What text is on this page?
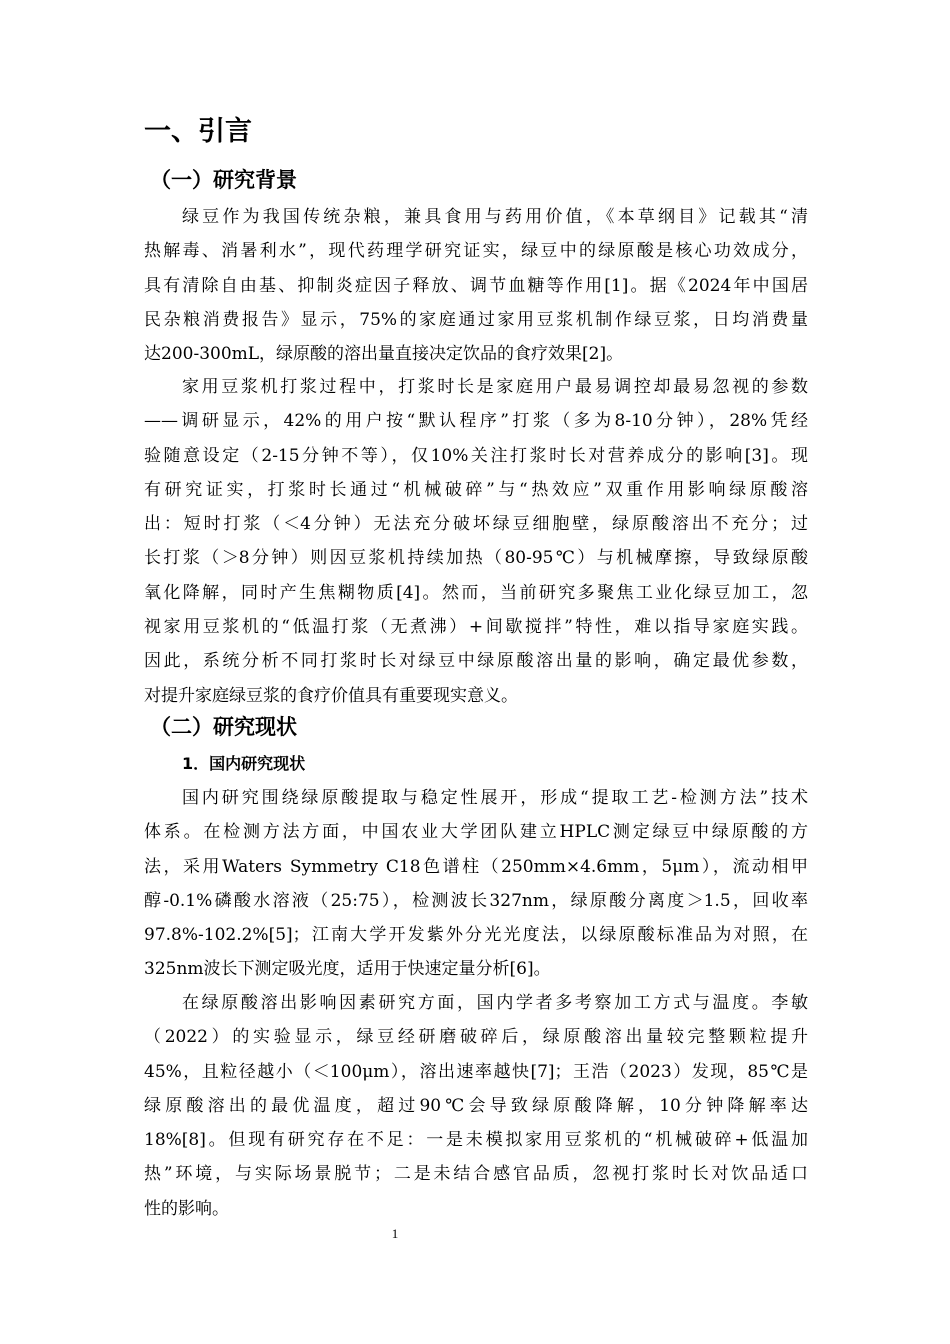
一、引言
（一）研究背景
绿豆作为我国传统杂粮，兼具食用与药用价值，《本草纲目》记载其“清
热解毒、消暑利水”，现代药理学研究证实，绿豆中的绿原酸是核心功效成分，
具有清除自由基、抑制炎症因子释放、调节血糖等作用[1]。据《2024年中国居
民杂粮消费报告》显示，75%的家庭通过家用豆浆机制作绿豆浆，日均消费量
达200-300mL，绿原酸的溶出量直接决定饮品的食疗效果[2]。
家用豆浆机打浆过程中，打浆时长是家庭用户最易调控却最易忽视的参数
——调研显示，42%的用户按“默认程序”打浆（多为8-10分钟），28%凭经
验随意设定（2-15分钟不等），仅10%关注打浆时长对营养成分的影响[3]。现
有研究证实，打浆时长通过“机械破碎”与“热效应”双重作用影响绿原酸溶
出：短时打浆（＜4分钟）无法充分破坏绿豆细胞壁，绿原酸溶出不充分；过
长打浆（＞8分钟）则因豆浆机持续加热（80-95℃）与机械摩擦，导致绿原酸
氧化降解，同时产生焦糊物质[4]。然而，当前研究多聚焦工业化绿豆加工，忽
视家用豆浆机的“低温打浆（无煮沸）+间歇搅拌”特性，难以指导家庭实践。
因此，系统分析不同打浆时长对绿豆中绿原酸溶出量的影响，确定最优参数，
对提升家庭绿豆浆的食疗价值具有重要现实意义。
（二）研究现状
1．国内研究现状
国内研究围绕绿原酸提取与稳定性展开，形成“提取工艺-检测方法”技术
体系。在检测方法方面，中国农业大学团队建立HPLC测定绿豆中绿原酸的方
法，采用Waters Symmetry C18色谱柱（250mm×4.6mm，5μm），流动相甲
醇-0.1%磷酸水溶液（25:75），检测波长327nm，绿原酸分离度＞1.5，回收率
97.8%-102.2%[5]；江南大学开发紫外分光光度法，以绿原酸标准品为对照，在
325nm波长下测定吸光度，适用于快速定量分析[6]。
在绿原酸溶出影响因素研究方面，国内学者多考察加工方式与温度。李敏
（2022）的实验显示，绿豆经研磨破碎后，绿原酸溶出量较完整颗粒提升
45%，且粒径越小（＜100μm），溶出速率越快[7]；王浩（2023）发现，85℃是
绿原酸溶出的最优温度，超过90℃会导致绿原酸降解，10分钟降解率达
18%[8]。但现有研究存在不足：一是未模拟家用豆浆机的“机械破碎+低温加
热”环境，与实际场景脱节；二是未结合感官品质，忽视打浆时长对饮品适口
性的影响。
1
